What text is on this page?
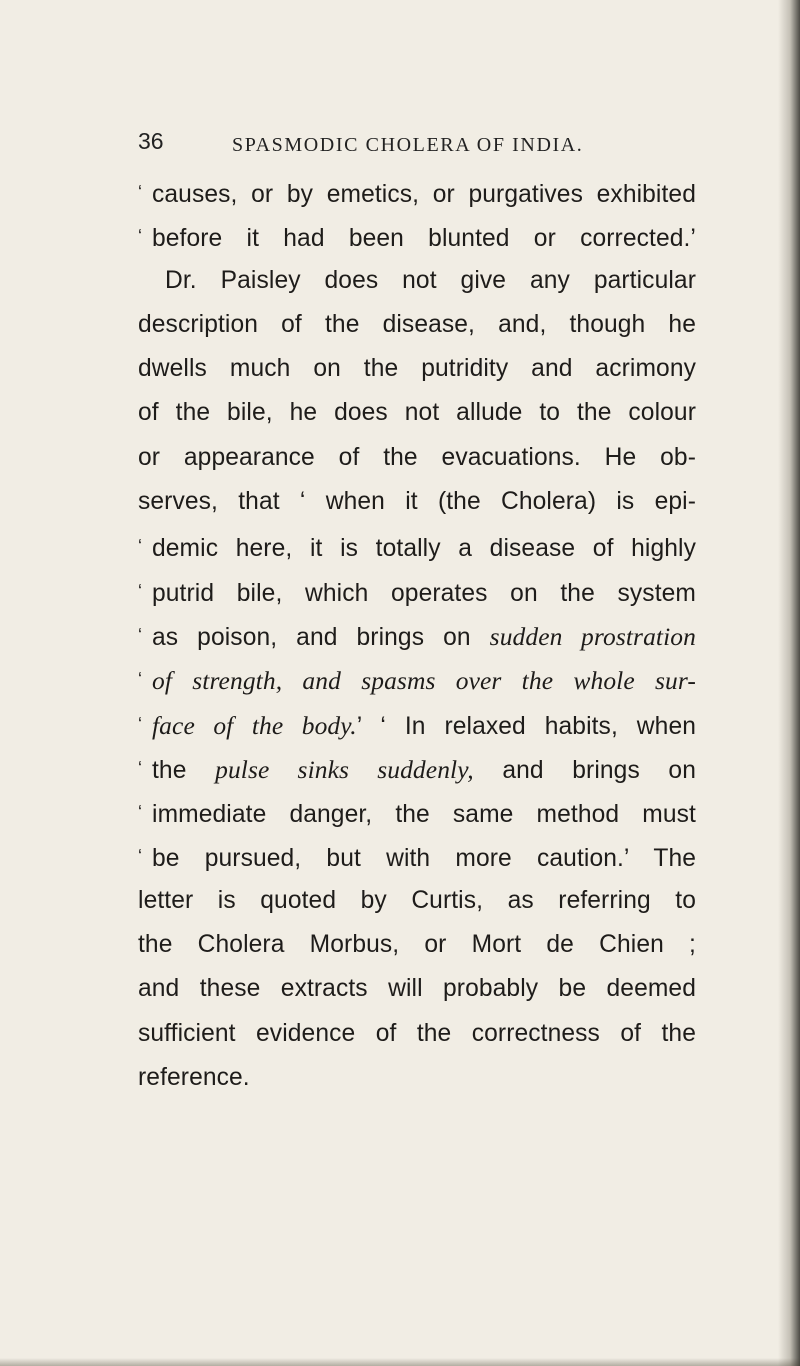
36	SPASMODIC CHOLERA OF INDIA.
‘ causes, or by emetics, or purgatives exhibited
‘ before it had been blunted or corrected.’
Dr. Paisley does not give any particular
description of the disease, and, though he
dwells much on the putridity and acrimony
of the bile, he does not allude to the colour
or appearance of the evacuations. He ob-
serves, that ‘ when it (the Cholera) is epi-
‘ demic here, it is totally a disease of highly
‘ putrid bile, which operates on the system
‘ as poison, and brings on sudden prostration
‘ of strength, and spasms over the whole sur-
‘ face of the body.’ ‘ In relaxed habits, when
‘ the pulse sinks suddenly, and brings on
‘ immediate danger, the same method must
‘ be pursued, but with more caution.’ The
letter is quoted by Curtis, as referring to
the Cholera Morbus, or Mort de Chien ;
and these extracts will probably be deemed
sufficient evidence of the correctness of the
reference.
